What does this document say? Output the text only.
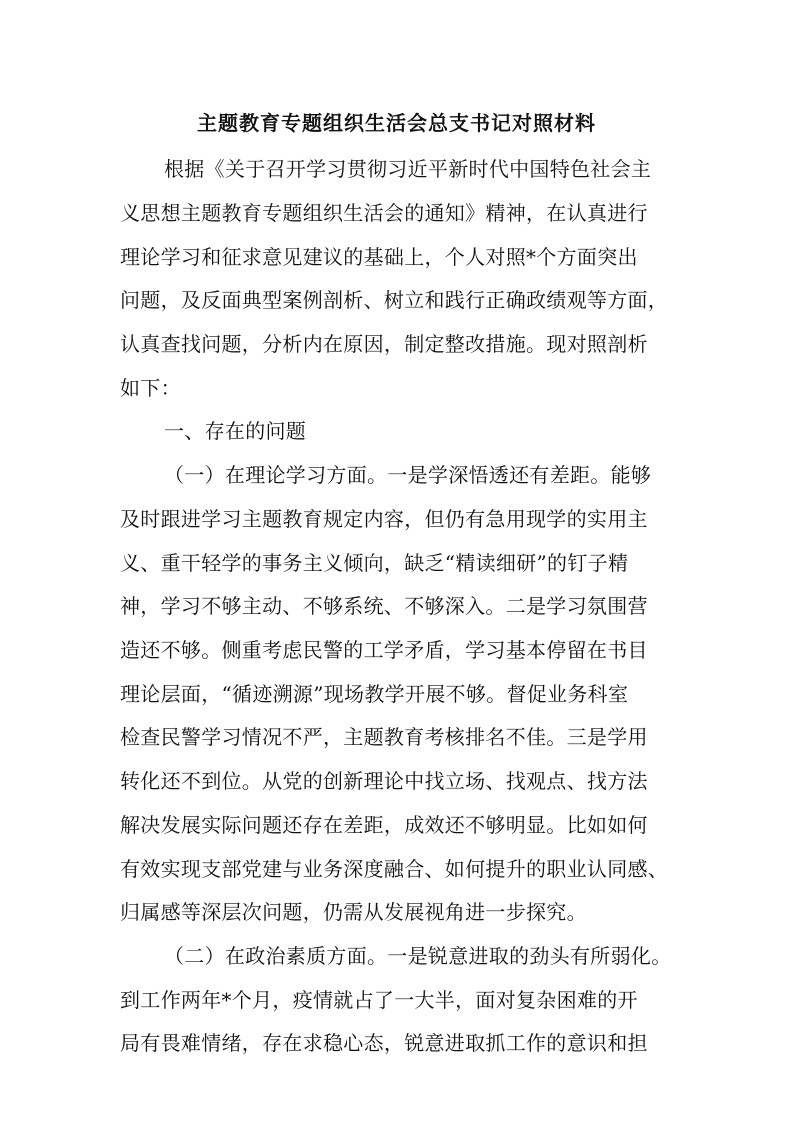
主题教育专题组织生活会总支书记对照材料
根据《关于召开学习贯彻习近平新时代中国特色社会主
义思想主题教育专题组织生活会的通知》精神，在认真进行
理论学习和征求意见建议的基础上，个人对照*个方面突出
问题，及反面典型案例剖析、树立和践行正确政绩观等方面，
认真查找问题，分析内在原因，制定整改措施。现对照剖析
如下：
一、存在的问题
（一）在理论学习方面。一是学深悟透还有差距。能够
及时跟进学习主题教育规定内容，但仍有急用现学的实用主
义、重干轻学的事务主义倾向，缺乏“精读细研”的钉子精
神，学习不够主动、不够系统、不够深入。二是学习氛围营
造还不够。侧重考虑民警的工学矛盾，学习基本停留在书目
理论层面，“循迹溯源”现场教学开展不够。督促业务科室
检查民警学习情况不严，主题教育考核排名不佳。三是学用
转化还不到位。从党的创新理论中找立场、找观点、找方法
解决发展实际问题还存在差距，成效还不够明显。比如如何
有效实现支部党建与业务深度融合、如何提升的职业认同感、
归属感等深层次问题，仍需从发展视角进一步探究。
（二）在政治素质方面。一是锐意进取的劲头有所弱化。
到工作两年*个月，疫情就占了一大半，面对复杂困难的开
局有畏难情绪，存在求稳心态，锐意进取抓工作的意识和担
